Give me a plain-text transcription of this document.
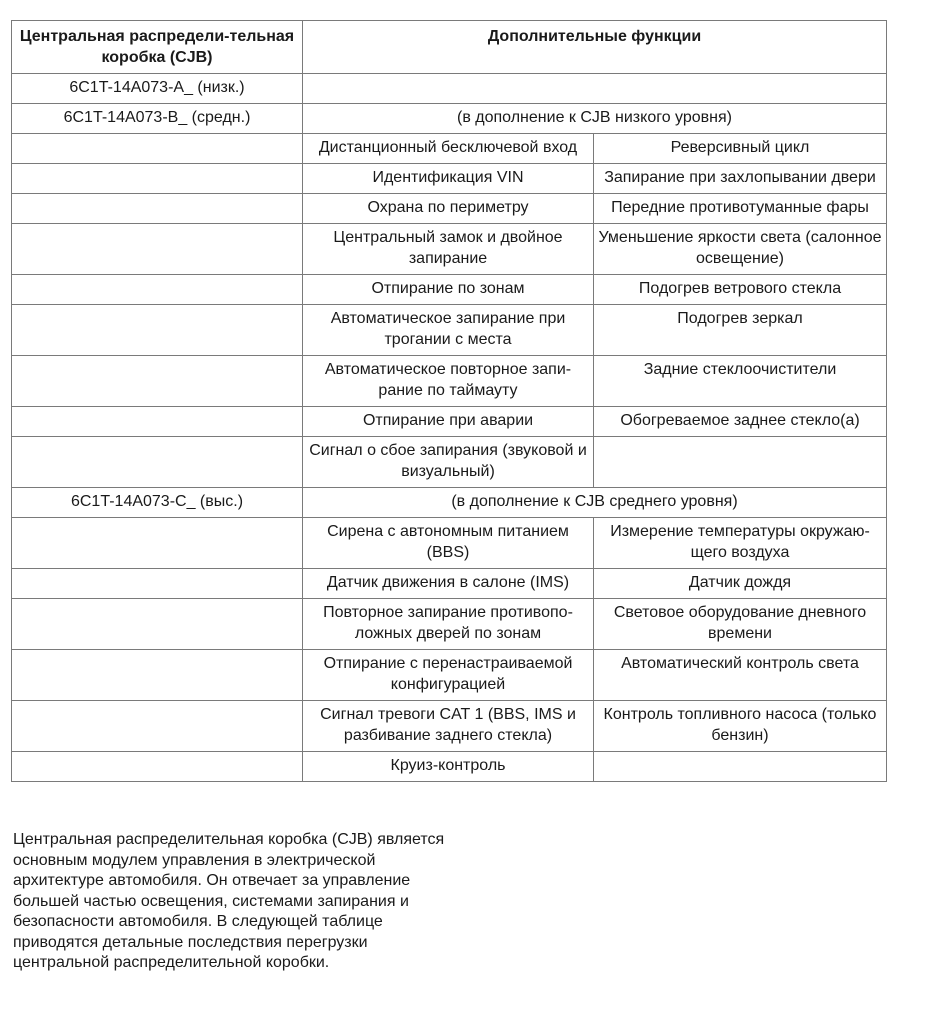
Центральная распредели-тельная коробка (CJB)	Дополнительные функции	
6C1T-14A073-A_ (низк.)		
6C1T-14A073-B_ (средн.)	(в дополнение к CJB низкого уровня)	
	Дистанционный бесключевой вход	Реверсивный цикл
	Идентификация VIN	Запирание при захлопывании двери
	Охрана по периметру	Передние противотуманные фары
	Центральный замок и двойное запирание	Уменьшение яркости света (салонное освещение)
	Отпирание по зонам	Подогрев ветрового стекла
	Автоматическое запирание при трогании с места	Подогрев зеркал
	Автоматическое повторное запи-рание по таймауту	Задние стеклоочистители
	Отпирание при аварии	Обогреваемое заднее стекло(а)
	Сигнал о сбое запирания (звуковой и визуальный)	
6C1T-14A073-C_ (выс.)	(в дополнение к CJB среднего уровня)	
	Сирена с автономным питанием (BBS)	Измерение температуры окружаю-щего воздуха
	Датчик движения в салоне (IMS)	Датчик дождя
	Повторное запирание противопо-ложных дверей по зонам	Световое оборудование дневного времени
	Отпирание с перенастраиваемой конфигурацией	Автоматический контроль света
	Сигнал тревоги CAT 1 (BBS, IMS и разбивание заднего стекла)	Контроль топливного насоса (только бензин)
	Круиз-контроль	

Центральная распределительная коробка (CJB) является основным модулем управления в электрической архитектуре автомобиля. Он отвечает за управление большей частью освещения, системами запирания и безопасности автомобиля. В следующей таблице приводятся детальные последствия перегрузки центральной распределительной коробки.
